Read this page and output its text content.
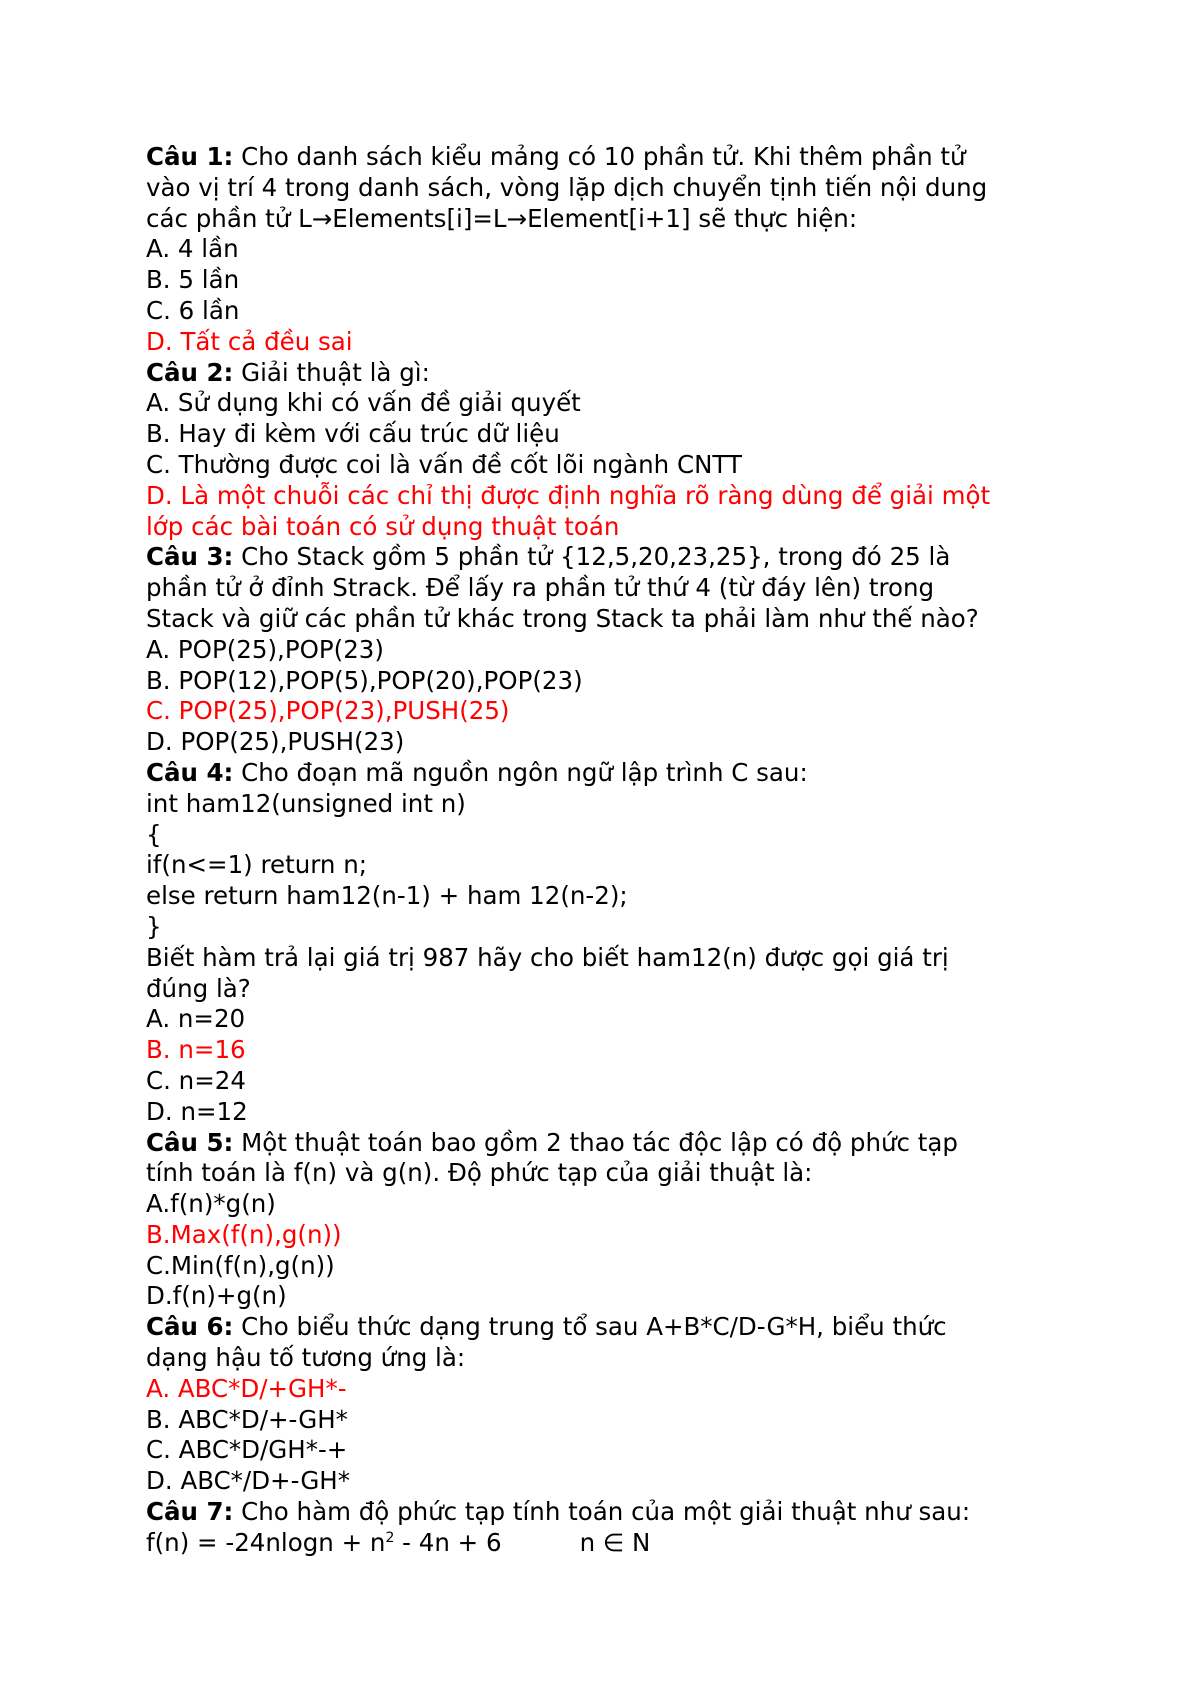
Câu 1: Cho danh sách kiểu mảng có 10 phần tử. Khi thêm phần tử
vào vị trí 4 trong danh sách, vòng lặp dịch chuyển tịnh tiến nội dung
các phần tử L→Elements[i]=L→Element[i+1] sẽ thực hiện:
A. 4 lần
B. 5 lần
C. 6 lần
D. Tất cả đều sai
Câu 2: Giải thuật là gì:
A. Sử dụng khi có vấn đề giải quyết
B. Hay đi kèm với cấu trúc dữ liệu
C. Thường được coi là vấn đề cốt lõi ngành CNTT
D. Là một chuỗi các chỉ thị được định nghĩa rõ ràng dùng để giải một
lớp các bài toán có sử dụng thuật toán
Câu 3: Cho Stack gồm 5 phần tử {12,5,20,23,25}, trong đó 25 là
phần tử ở đỉnh Strack. Để lấy ra phần tử thứ 4 (từ đáy lên) trong
Stack và giữ các phần tử khác trong Stack ta phải làm như thế nào?
A. POP(25),POP(23)
B. POP(12),POP(5),POP(20),POP(23)
C. POP(25),POP(23),PUSH(25)
D. POP(25),PUSH(23)
Câu 4: Cho đoạn mã nguồn ngôn ngữ lập trình C sau:
int ham12(unsigned int n)
{
if(n<=1) return n;
else return ham12(n-1) + ham 12(n-2);
}
Biết hàm trả lại giá trị 987 hãy cho biết ham12(n) được gọi giá trị
đúng là?
A. n=20
B. n=16
C. n=24
D. n=12
Câu 5: Một thuật toán bao gồm 2 thao tác độc lập có độ phức tạp
tính toán là f(n) và g(n). Độ phức tạp của giải thuật là:
A.f(n)*g(n)
B.Max(f(n),g(n))
C.Min(f(n),g(n))
D.f(n)+g(n)
Câu 6: Cho biểu thức dạng trung tổ sau A+B*C/D-G*H, biểu thức
dạng hậu tố tương ứng là:
A. ABC*D/+GH*-
B. ABC*D/+-GH*
C. ABC*D/GH*-+
D. ABC*/D+-GH*
Câu 7: Cho hàm độ phức tạp tính toán của một giải thuật như sau:
$f(n) = -24nlogn + n^2 - 4n + 6$	n ∈ N
